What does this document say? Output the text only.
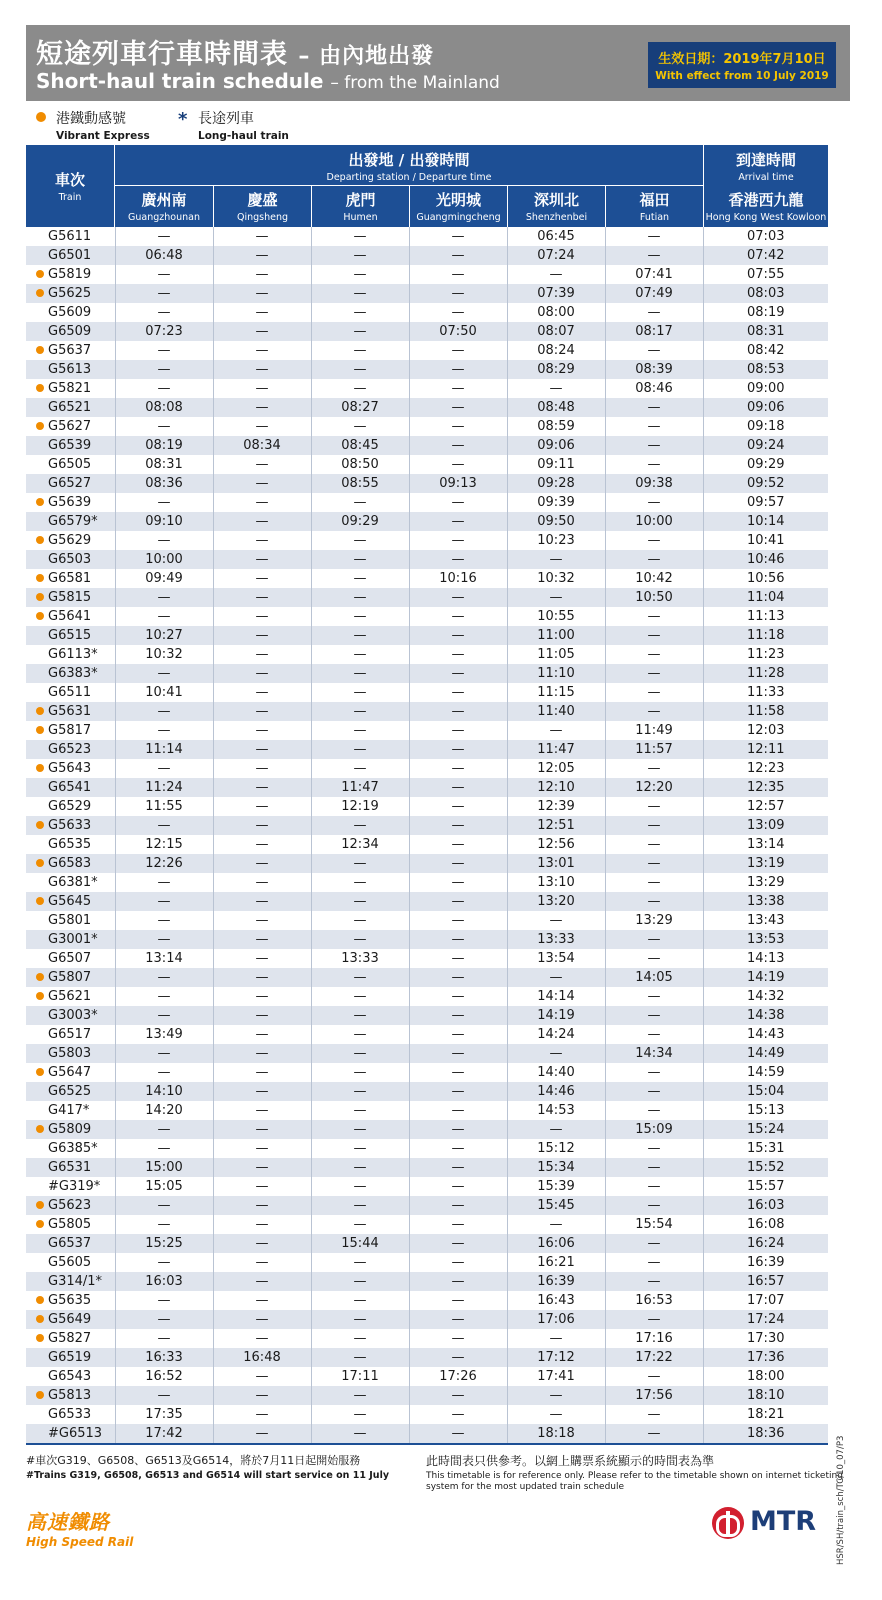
短途列車行車時間表 – 由內地出發
Short-haul train schedule – from the Mainland
生效日期：2019年7月10日
With effect from 10 July 2019
港鐵動感號
Vibrant Express
* 長途列車
Long-haul train
車次
Train
出發地 / 出發時間
Departing station / Departure time
到達時間
Arrival time
廣州南
Guangzhounan
慶盛
Qingsheng
虎門
Humen
光明城
Guangmingcheng
深圳北
Shenzhenbei
福田
Futian
香港西九龍
Hong Kong West Kowloon
G5611	—	—	—	—	06:45	—	07:03
G6501	06:48	—	—	—	07:24	—	07:42

G5819	—	—	—	—	—	07:41	07:55

G5625	—	—	—	—	07:39	07:49	08:03
G5609	—	—	—	—	08:00	—	08:19
G6509	07:23	—	—	07:50	08:07	08:17	08:31

G5637	—	—	—	—	08:24	—	08:42
G5613	—	—	—	—	08:29	08:39	08:53

G5821	—	—	—	—	—	08:46	09:00
G6521	08:08	—	08:27	—	08:48	—	09:06

G5627	—	—	—	—	08:59	—	09:18
G6539	08:19	08:34	08:45	—	09:06	—	09:24
G6505	08:31	—	08:50	—	09:11	—	09:29
G6527	08:36	—	08:55	09:13	09:28	09:38	09:52

G5639	—	—	—	—	09:39	—	09:57
G6579*	09:10	—	09:29	—	09:50	10:00	10:14

G5629	—	—	—	—	10:23	—	10:41
G6503	10:00	—	—	—	—	—	10:46

G6581	09:49	—	—	10:16	10:32	10:42	10:56

G5815	—	—	—	—	—	10:50	11:04

G5641	—	—	—	—	10:55	—	11:13
G6515	10:27	—	—	—	11:00	—	11:18
G6113*	10:32	—	—	—	11:05	—	11:23
G6383*	—	—	—	—	11:10	—	11:28
G6511	10:41	—	—	—	11:15	—	11:33

G5631	—	—	—	—	11:40	—	11:58

G5817	—	—	—	—	—	11:49	12:03
G6523	11:14	—	—	—	11:47	11:57	12:11

G5643	—	—	—	—	12:05	—	12:23
G6541	11:24	—	11:47	—	12:10	12:20	12:35
G6529	11:55	—	12:19	—	12:39	—	12:57

G5633	—	—	—	—	12:51	—	13:09
G6535	12:15	—	12:34	—	12:56	—	13:14

G6583	12:26	—	—	—	13:01	—	13:19
G6381*	—	—	—	—	13:10	—	13:29

G5645	—	—	—	—	13:20	—	13:38
G5801	—	—	—	—	—	13:29	13:43
G3001*	—	—	—	—	13:33	—	13:53
G6507	13:14	—	13:33	—	13:54	—	14:13

G5807	—	—	—	—	—	14:05	14:19

G5621	—	—	—	—	14:14	—	14:32
G3003*	—	—	—	—	14:19	—	14:38
G6517	13:49	—	—	—	14:24	—	14:43
G5803	—	—	—	—	—	14:34	14:49

G5647	—	—	—	—	14:40	—	14:59
G6525	14:10	—	—	—	14:46	—	15:04
G417*	14:20	—	—	—	14:53	—	15:13

G5809	—	—	—	—	—	15:09	15:24
G6385*	—	—	—	—	15:12	—	15:31
G6531	15:00	—	—	—	15:34	—	15:52
#G319*	15:05	—	—	—	15:39	—	15:57

G5623	—	—	—	—	15:45	—	16:03

G5805	—	—	—	—	—	15:54	16:08
G6537	15:25	—	15:44	—	16:06	—	16:24
G5605	—	—	—	—	16:21	—	16:39
G314/1*	16:03	—	—	—	16:39	—	16:57

G5635	—	—	—	—	16:43	16:53	17:07

G5649	—	—	—	—	17:06	—	17:24

G5827	—	—	—	—	—	17:16	17:30
G6519	16:33	16:48	—	—	17:12	17:22	17:36
G6543	16:52	—	17:11	17:26	17:41	—	18:00

G5813	—	—	—	—	—	17:56	18:10
G6533	17:35	—	—	—	—	—	18:21
#G6513	17:42	—	—	—	18:18	—	18:36
#車次G319、G6508、G6513及G6514，將於7月11日起開始服務
#Trains G319, G6508, G6513 and G6514 will start service on 11 July
此時間表只供參考。以網上購票系統顯示的時間表為準
This timetable is for reference only. Please refer to the timetable shown on internet ticketing system for the most updated train schedule	HSR/SH/train_sch/TC/10_07/P3
高速鐵路
High Speed Rail
MTR
